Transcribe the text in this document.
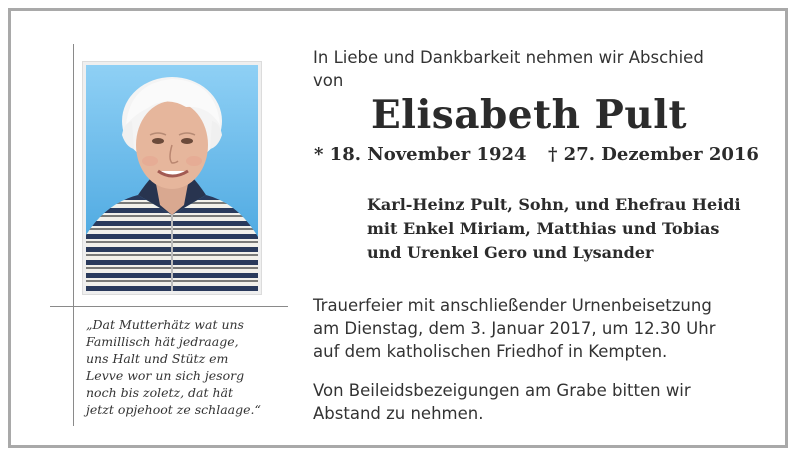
„Dat Mutterhätz wat uns
Famillisch hät jedraage,
uns Halt und Stütz em
Levve wor un sich jesorg
noch bis zoletz, dat hät
jetzt opjehoot ze schlaage.“
In Liebe und Dankbarkeit nehmen wir Abschied
von
Elisabeth Pult
* 18. November 1924 † 27. Dezember 2016
Karl-Heinz Pult, Sohn, und Ehefrau Heidi
mit Enkel Miriam, Matthias und Tobias
und Urenkel Gero und Lysander
Trauerfeier mit anschließender Urnenbeisetzung
am Dienstag, dem 3. Januar 2017, um 12.30 Uhr
auf dem katholischen Friedhof in Kempten.
Von Beileidsbezeigungen am Grabe bitten wir
Abstand zu nehmen.
